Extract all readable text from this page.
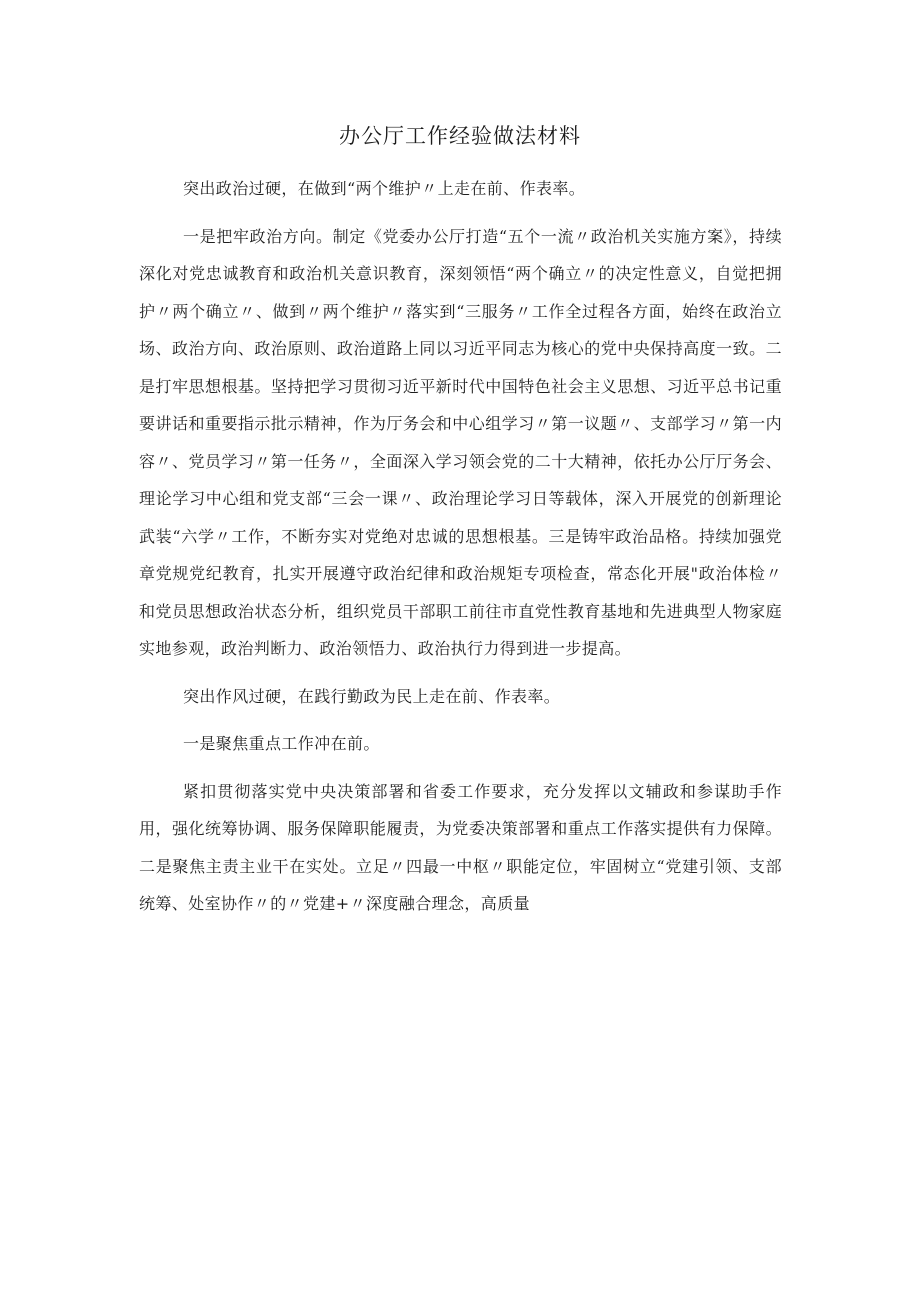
办公厅工作经验做法材料

突出政治过硬，在做到“两个维护〃上走在前、作表率。

一是把牢政治方向。制定《党委办公厅打造“五个一流〃政治机关实施方案》，持续深化对党忠诚教育和政治机关意识教育，深刻领悟“两个确立〃的决定性意义，自觉把拥护〃两个确立〃、做到〃两个维护〃落实到“三服务〃工作全过程各方面，始终在政治立场、政治方向、政治原则、政治道路上同以习近平同志为核心的党中央保持高度一致。二是打牢思想根基。坚持把学习贯彻习近平新时代中国特色社会主义思想、习近平总书记重要讲话和重要指示批示精神，作为厅务会和中心组学习〃第一议题〃、支部学习〃第一内容〃、党员学习〃第一任务〃，全面深入学习领会党的二十大精神，依托办公厅厅务会、理论学习中心组和党支部“三会一课〃、政治理论学习日等载体，深入开展党的创新理论武装“六学〃工作，不断夯实对党绝对忠诚的思想根基。三是铸牢政治品格。持续加强党章党规党纪教育，扎实开展遵守政治纪律和政治规矩专项检查，常态化开展"政治体检〃和党员思想政治状态分析，组织党员干部职工前往市直党性教育基地和先进典型人物家庭实地参观，政治判断力、政治领悟力、政治执行力得到进一步提高。

突出作风过硬，在践行勤政为民上走在前、作表率。

一是聚焦重点工作冲在前。

紧扣贯彻落实党中央决策部署和省委工作要求，充分发挥以文辅政和参谋助手作用，强化统筹协调、服务保障职能履责，为党委决策部署和重点工作落实提供有力保障。二是聚焦主责主业干在实处。立足〃四最一中枢〃职能定位，牢固树立“党建引领、支部统筹、处室协作〃的〃党建+〃深度融合理念，高质量
